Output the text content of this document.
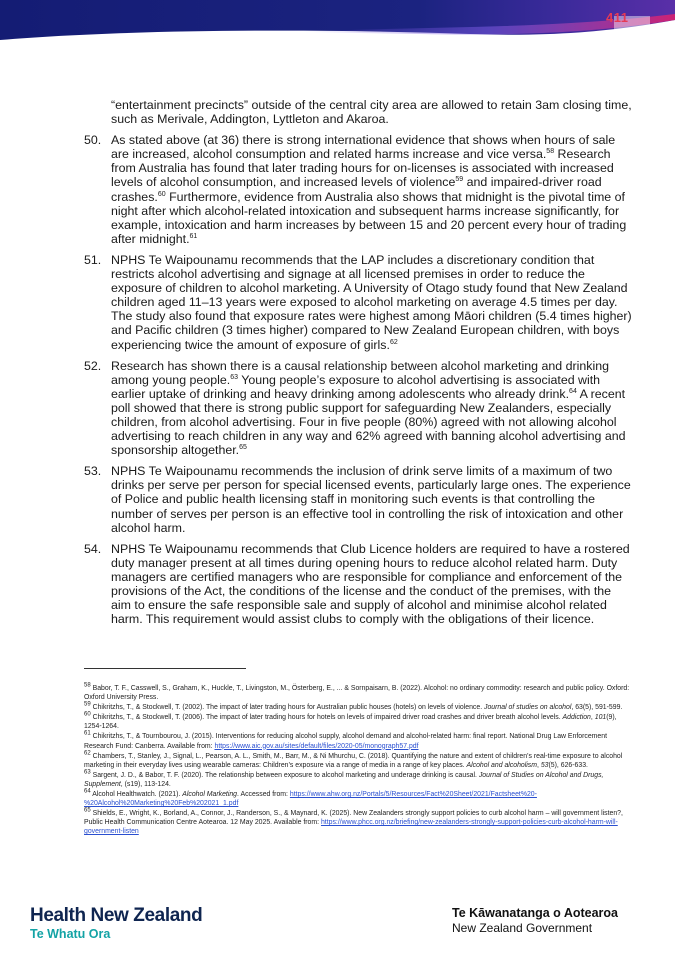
411

“entertainment precincts” outside of the central city area are allowed to retain 3am closing time, such as Merivale, Addington, Lyttleton and Akaroa.

50. As stated above (at 36) there is strong international evidence that shows when hours of sale are increased, alcohol consumption and related harms increase and vice versa.$^{58}$ Research from Australia has found that later trading hours for on-licenses is associated with increased levels of alcohol consumption, and increased levels of violence$^{59}$ and impaired-driver road crashes.$^{60}$ Furthermore, evidence from Australia also shows that midnight is the pivotal time of night after which alcohol-related intoxication and subsequent harms increase significantly, for example, intoxication and harm increases by between 15 and 20 percent every hour of trading after midnight.$^{61}$

51. NPHS Te Waipounamu recommends that the LAP includes a discretionary condition that restricts alcohol advertising and signage at all licensed premises in order to reduce the exposure of children to alcohol marketing. A University of Otago study found that New Zealand children aged 11–13 years were exposed to alcohol marketing on average 4.5 times per day. The study also found that exposure rates were highest among Māori children (5.4 times higher) and Pacific children (3 times higher) compared to New Zealand European children, with boys experiencing twice the amount of exposure of girls.$^{62}$

52. Research has shown there is a causal relationship between alcohol marketing and drinking among young people.$^{63}$ Young people’s exposure to alcohol advertising is associated with earlier uptake of drinking and heavy drinking among adolescents who already drink.$^{64}$ A recent poll showed that there is strong public support for safeguarding New Zealanders, especially children, from alcohol advertising. Four in five people (80%) agreed with not allowing alcohol advertising to reach children in any way and 62% agreed with banning alcohol advertising and sponsorship altogether.$^{65}$

53. NPHS Te Waipounamu recommends the inclusion of drink serve limits of a maximum of two drinks per serve per person for special licensed events, particularly large ones. The experience of Police and public health licensing staff in monitoring such events is that controlling the number of serves per person is an effective tool in controlling the risk of intoxication and other alcohol harm.

54. NPHS Te Waipounamu recommends that Club Licence holders are required to have a rostered duty manager present at all times during opening hours to reduce alcohol related harm. Duty managers are certified managers who are responsible for compliance and enforcement of the provisions of the Act, the conditions of the license and the conduct of the premises, with the aim to ensure the safe responsible sale and supply of alcohol and minimise alcohol related harm. This requirement would assist clubs to comply with the obligations of their licence.

$^{58}$ Babor, T. F., Casswell, S., Graham, K., Huckle, T., Livingston, M., Österberg, E., ... & Sornpaisarn, B. (2022). Alcohol: no ordinary commodity: research and public policy. Oxford: Oxford University Press.
$^{59}$ Chikritzhs, T., & Stockwell, T. (2002). The impact of later trading hours for Australian public houses (hotels) on levels of violence. Journal of studies on alcohol, 63(5), 591-599.
$^{60}$ Chikritzhs, T., & Stockwell, T. (2006). The impact of later trading hours for hotels on levels of impaired driver road crashes and driver breath alcohol levels. Addiction, 101(9), 1254-1264.
$^{61}$ Chikritzhs, T., & Tournbourou, J. (2015). Interventions for reducing alcohol supply, alcohol demand and alcohol-related harm: final report. National Drug Law Enforcement Research Fund: Canberra. Available from: https://www.aic.gov.au/sites/default/files/2020-05/monograph57.pdf
$^{62}$ Chambers, T., Stanley, J., Signal, L., Pearson, A. L., Smith, M., Barr, M., & Ni Mhurchu, C. (2018). Quantifying the nature and extent of children’s real-time exposure to alcohol marketing in their everyday lives using wearable cameras: Children’s exposure via a range of media in a range of key places. Alcohol and alcoholism, 53(5), 626-633.
$^{63}$ Sargent, J. D., & Babor, T. F. (2020). The relationship between exposure to alcohol marketing and underage drinking is causal. Journal of Studies on Alcohol and Drugs, Supplement, (s19), 113-124.
$^{64}$ Alcohol Healthwatch. (2021). Alcohol Marketing. Accessed from: https://www.ahw.org.nz/Portals/5/Resources/Fact%20Sheet/2021/Factsheet%20-%20Alcohol%20Marketing%20Feb%202021_1.pdf
$^{65}$ Shields, E., Wright, K., Borland, A., Connor, J., Randerson, S., & Maynard, K. (2025). New Zealanders strongly support policies to curb alcohol harm – will government listen?, Public Health Communication Centre Aotearoa. 12 May 2025. Available from: https://www.phcc.org.nz/briefing/new-zealanders-strongly-support-policies-curb-alcohol-harm-will-government-listen
Health New Zealand
Te Whatu Ora
Te Kāwanatanga o Aotearoa
New Zealand Government
